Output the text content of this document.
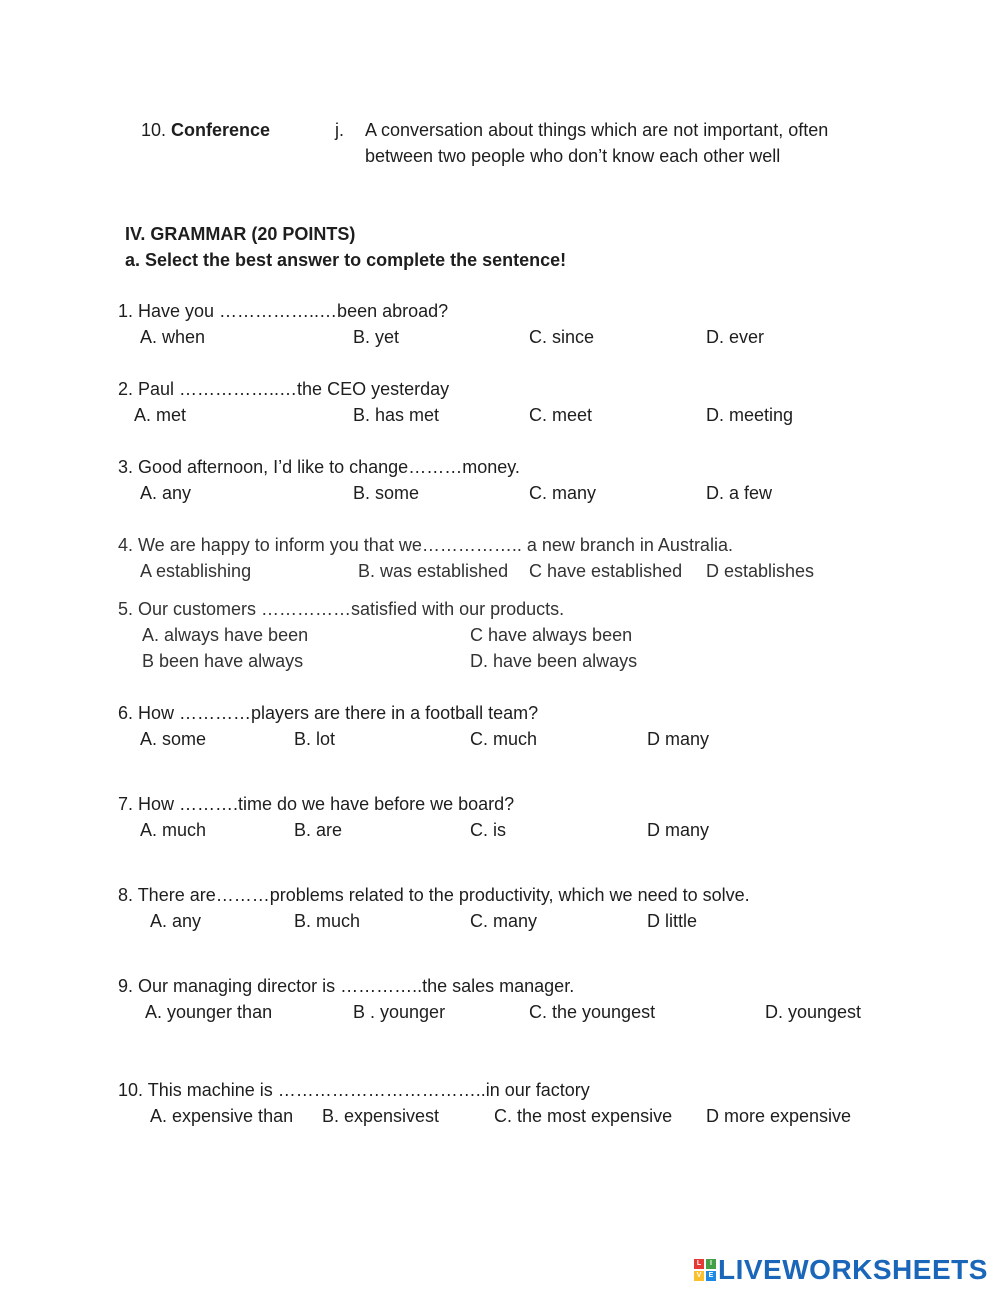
10. Conference	j. A conversation about things which are not important, often
between two people who don’t know each other well
IV. GRAMMAR (20 POINTS)
a. Select the best answer to complete the sentence!
1. Have you ……………..…been abroad?
A. when	B. yet	C. since	D. ever
2. Paul ……………..…the CEO yesterday
A. met	B. has met	C. meet	D. meeting
3. Good afternoon, I’d like to change………money.
A. any	B. some	C. many	D. a few
4. We are happy to inform you that we…………….. a new branch in Australia.
A establishing	B. was established C have established D establishes
5. Our customers ……………satisfied with our products.
A. always have been	C have always been
B been have always	D. have been always
6. How …………players are there in a football team?
A. some	B. lot	C. much	D many
7. How ……….time do we have before we board?
A. much	B. are	C. is	D many
8. There are………problems related to the productivity, which we need to solve.
A. any	B. much	C. many	D little
9. Our managing director is …………..the sales manager.
A. younger than	B . younger	C. the youngest	D. youngest
10. This machine is ……………………………..in our factory
A. expensive than B. expensivest	C. the most expensive D more expensive
L	I
V	E LIVEWORKSHEETS
